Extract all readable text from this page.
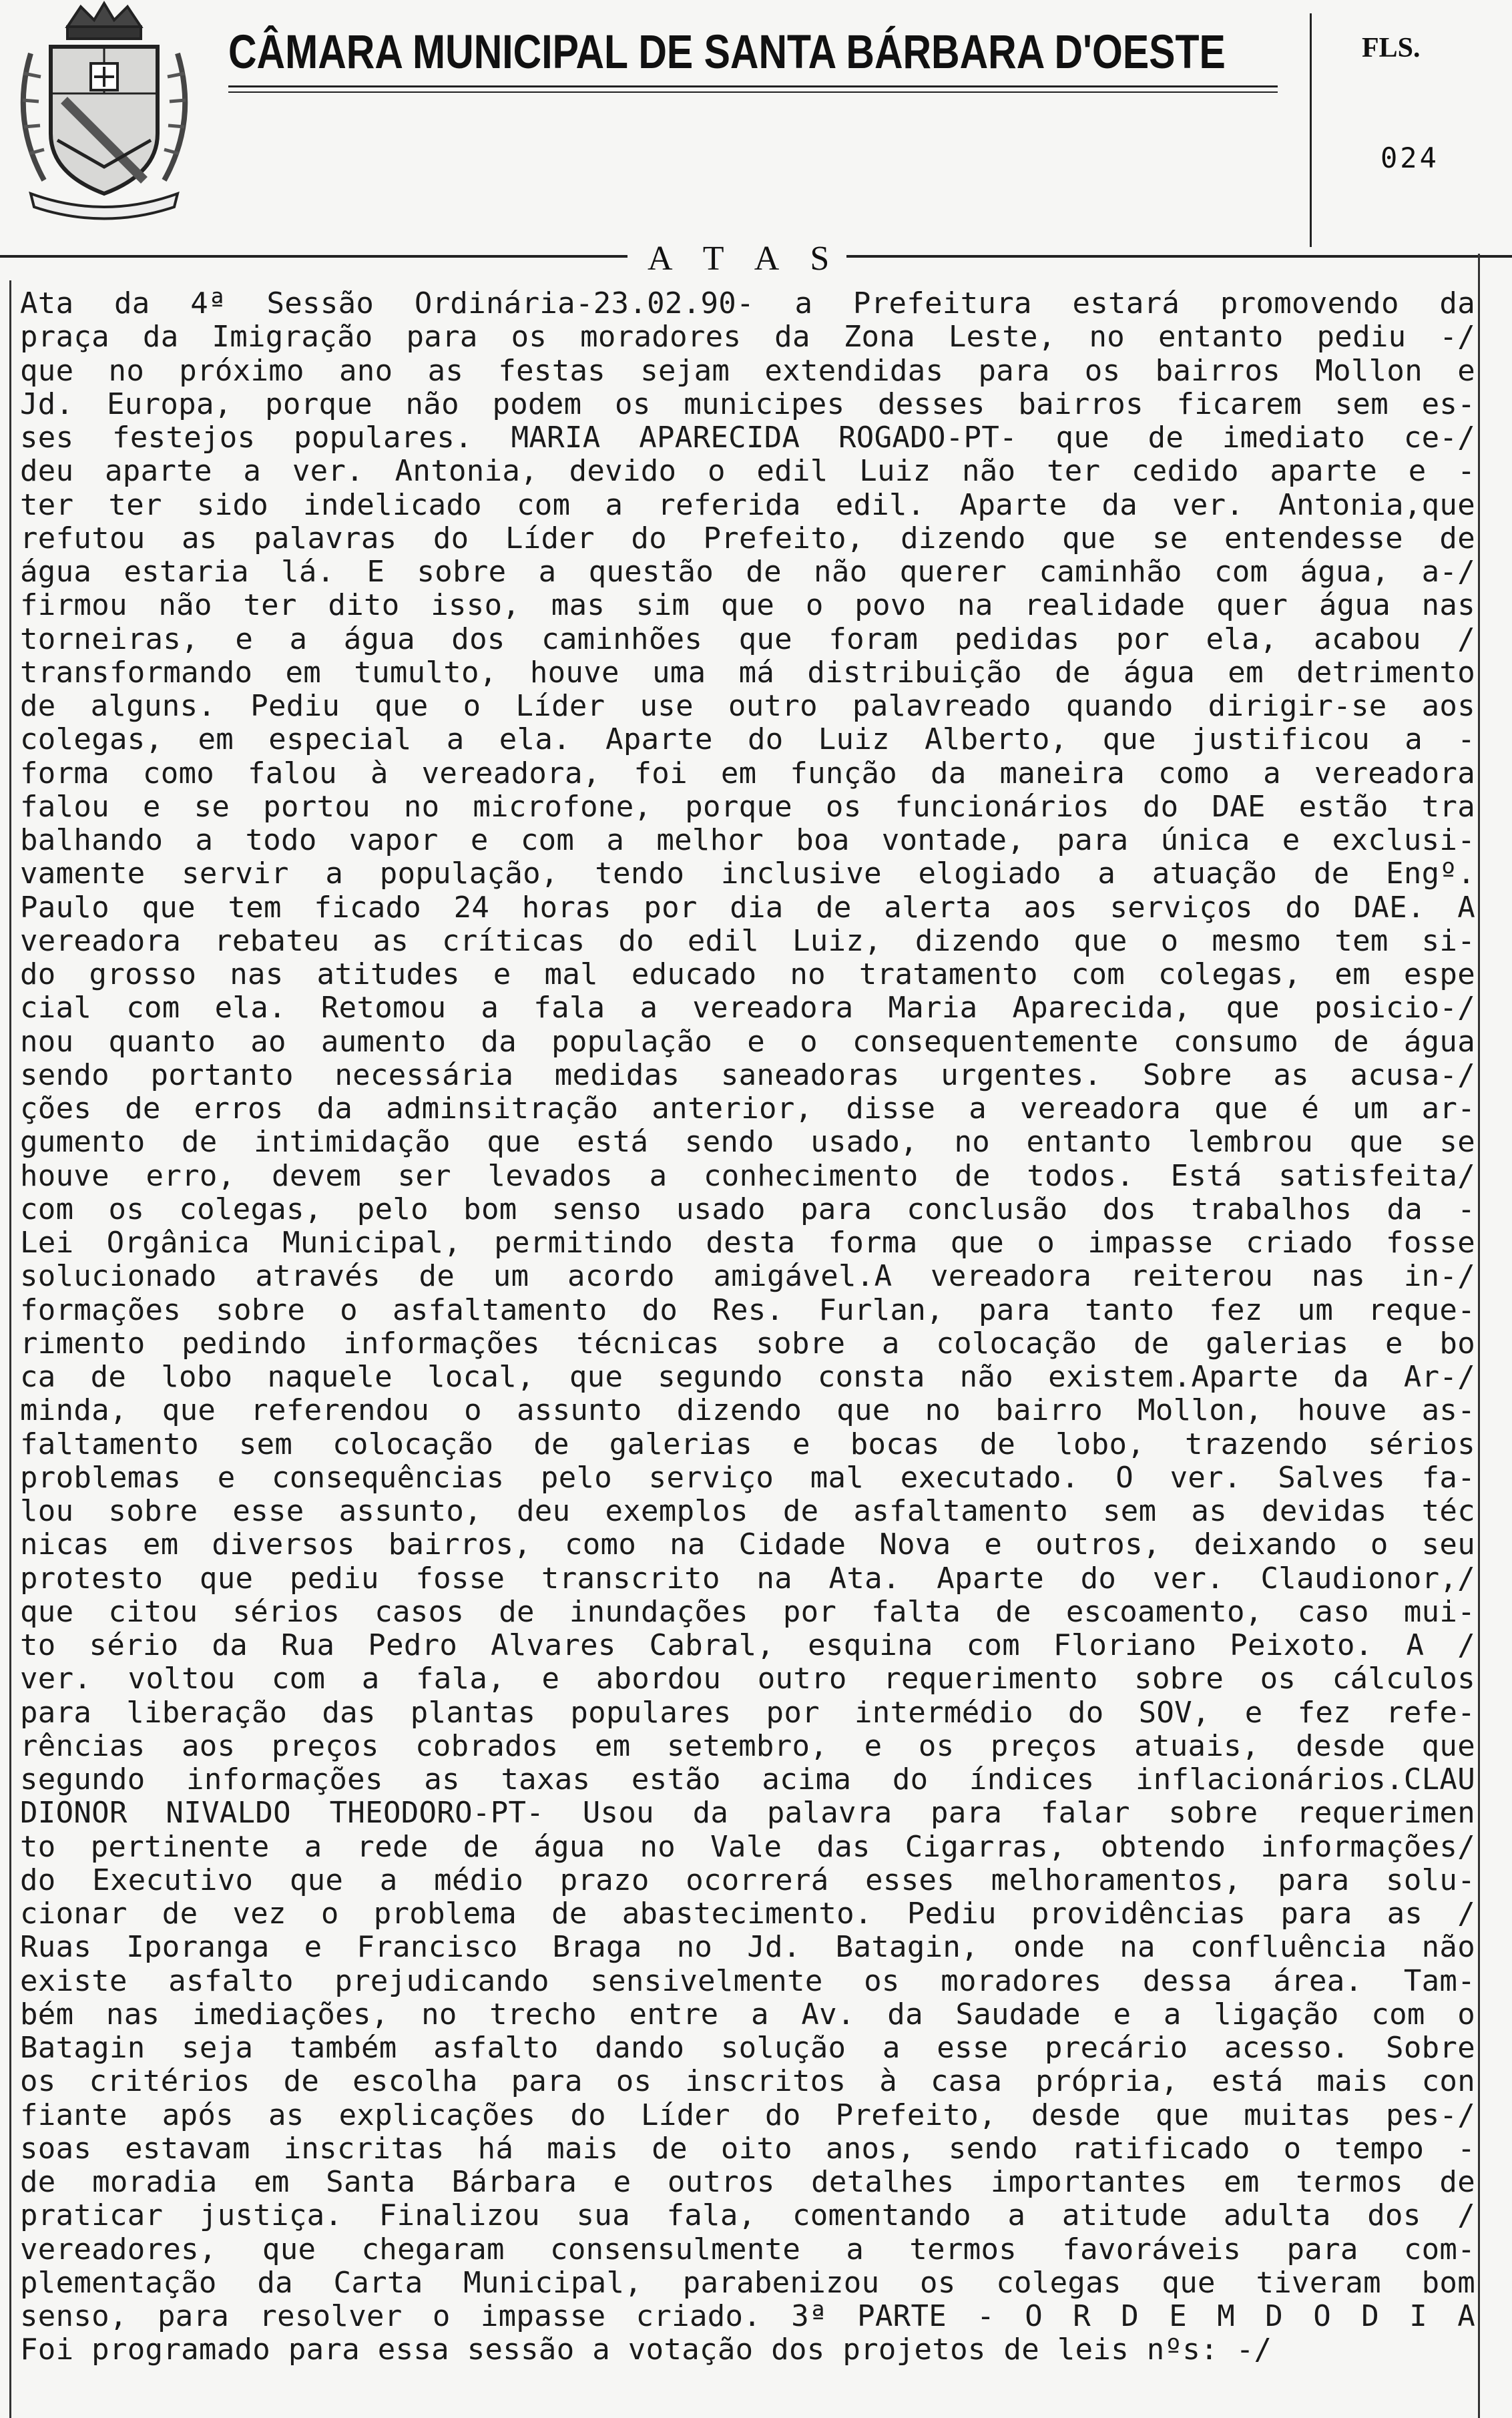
CÂMARA MUNICIPAL DE SANTA BÁRBARA D'OESTE	FLS.
024
A T A S
Ata da 4ª Sessão Ordinária-23.02.90- a Prefeitura estará promovendo da
praça da Imigração para os moradores da Zona Leste, no entanto pediu -/
que no próximo ano as festas sejam extendidas para os bairros Mollon e
Jd. Europa, porque não podem os municipes desses bairros ficarem sem es-
ses festejos populares. MARIA APARECIDA ROGADO-PT- que de imediato ce-/
deu aparte a ver. Antonia, devido o edil Luiz não ter cedido aparte e -
ter ter sido indelicado com a referida edil. Aparte da ver. Antonia,que
refutou as palavras do Líder do Prefeito, dizendo que se entendesse de
água estaria lá. E sobre a questão de não querer caminhão com água, a-/
firmou não ter dito isso, mas sim que o povo na realidade quer água nas
torneiras, e a água dos caminhões que foram pedidas por ela, acabou /
transformando em tumulto, houve uma má distribuição de água em detrimento
de alguns. Pediu que o Líder use outro palavreado quando dirigir-se aos
colegas, em especial a ela. Aparte do Luiz Alberto, que justificou a -
forma como falou à vereadora, foi em função da maneira como a vereadora
falou e se portou no microfone, porque os funcionários do DAE estão tra
balhando a todo vapor e com a melhor boa vontade, para única e exclusi-
vamente servir a população, tendo inclusive elogiado a atuação de Engº.
Paulo que tem ficado 24 horas por dia de alerta aos serviços do DAE. A
vereadora rebateu as críticas do edil Luiz, dizendo que o mesmo tem si-
do grosso nas atitudes e mal educado no tratamento com colegas, em espe
cial com ela. Retomou a fala a vereadora Maria Aparecida, que posicio-/
nou quanto ao aumento da população e o consequentemente consumo de água
sendo portanto necessária medidas saneadoras urgentes. Sobre as acusa-/
ções de erros da adminsitração anterior, disse a vereadora que é um ar-
gumento de intimidação que está sendo usado, no entanto lembrou que se
houve erro, devem ser levados a conhecimento de todos. Está satisfeita/
com os colegas, pelo bom senso usado para conclusão dos trabalhos da -
Lei Orgânica Municipal, permitindo desta forma que o impasse criado fosse
solucionado através de um acordo amigável.A vereadora reiterou nas in-/
formações sobre o asfaltamento do Res. Furlan, para tanto fez um reque-
rimento pedindo informações técnicas sobre a colocação de galerias e bo
ca de lobo naquele local, que segundo consta não existem.Aparte da Ar-/
minda, que referendou o assunto dizendo que no bairro Mollon, houve as-
faltamento sem colocação de galerias e bocas de lobo, trazendo sérios
problemas e consequências pelo serviço mal executado. O ver. Salves fa-
lou sobre esse assunto, deu exemplos de asfaltamento sem as devidas téc
nicas em diversos bairros, como na Cidade Nova e outros, deixando o seu
protesto que pediu fosse transcrito na Ata. Aparte do ver. Claudionor,/
que citou sérios casos de inundações por falta de escoamento, caso mui-
to sério da Rua Pedro Alvares Cabral, esquina com Floriano Peixoto. A /
ver. voltou com a fala, e abordou outro requerimento sobre os cálculos
para liberação das plantas populares por intermédio do SOV, e fez refe-
rências aos preços cobrados em setembro, e os preços atuais, desde que
segundo informações as taxas estão acima do índices inflacionários.CLAU
DIONOR NIVALDO THEODORO-PT- Usou da palavra para falar sobre requerimen
to pertinente a rede de água no Vale das Cigarras, obtendo informações/
do Executivo que a médio prazo ocorrerá esses melhoramentos, para solu-
cionar de vez o problema de abastecimento. Pediu providências para as /
Ruas Iporanga e Francisco Braga no Jd. Batagin, onde na confluência não
existe asfalto prejudicando sensivelmente os moradores dessa área. Tam-
bém nas imediações, no trecho entre a Av. da Saudade e a ligação com o
Batagin seja também asfalto dando solução a esse precário acesso. Sobre
os critérios de escolha para os inscritos à casa própria, está mais con
fiante após as explicações do Líder do Prefeito, desde que muitas pes-/
soas estavam inscritas há mais de oito anos, sendo ratificado o tempo -
de moradia em Santa Bárbara e outros detalhes importantes em termos de
praticar justiça. Finalizou sua fala, comentando a atitude adulta dos /
vereadores, que chegaram consensulmente a termos favoráveis para com-
plementação da Carta Municipal, parabenizou os colegas que tiveram bom
senso, para resolver o impasse criado. 3ª PARTE - O R D E M D O D I A
Foi programado para essa sessão a votação dos projetos de leis nºs: -/
